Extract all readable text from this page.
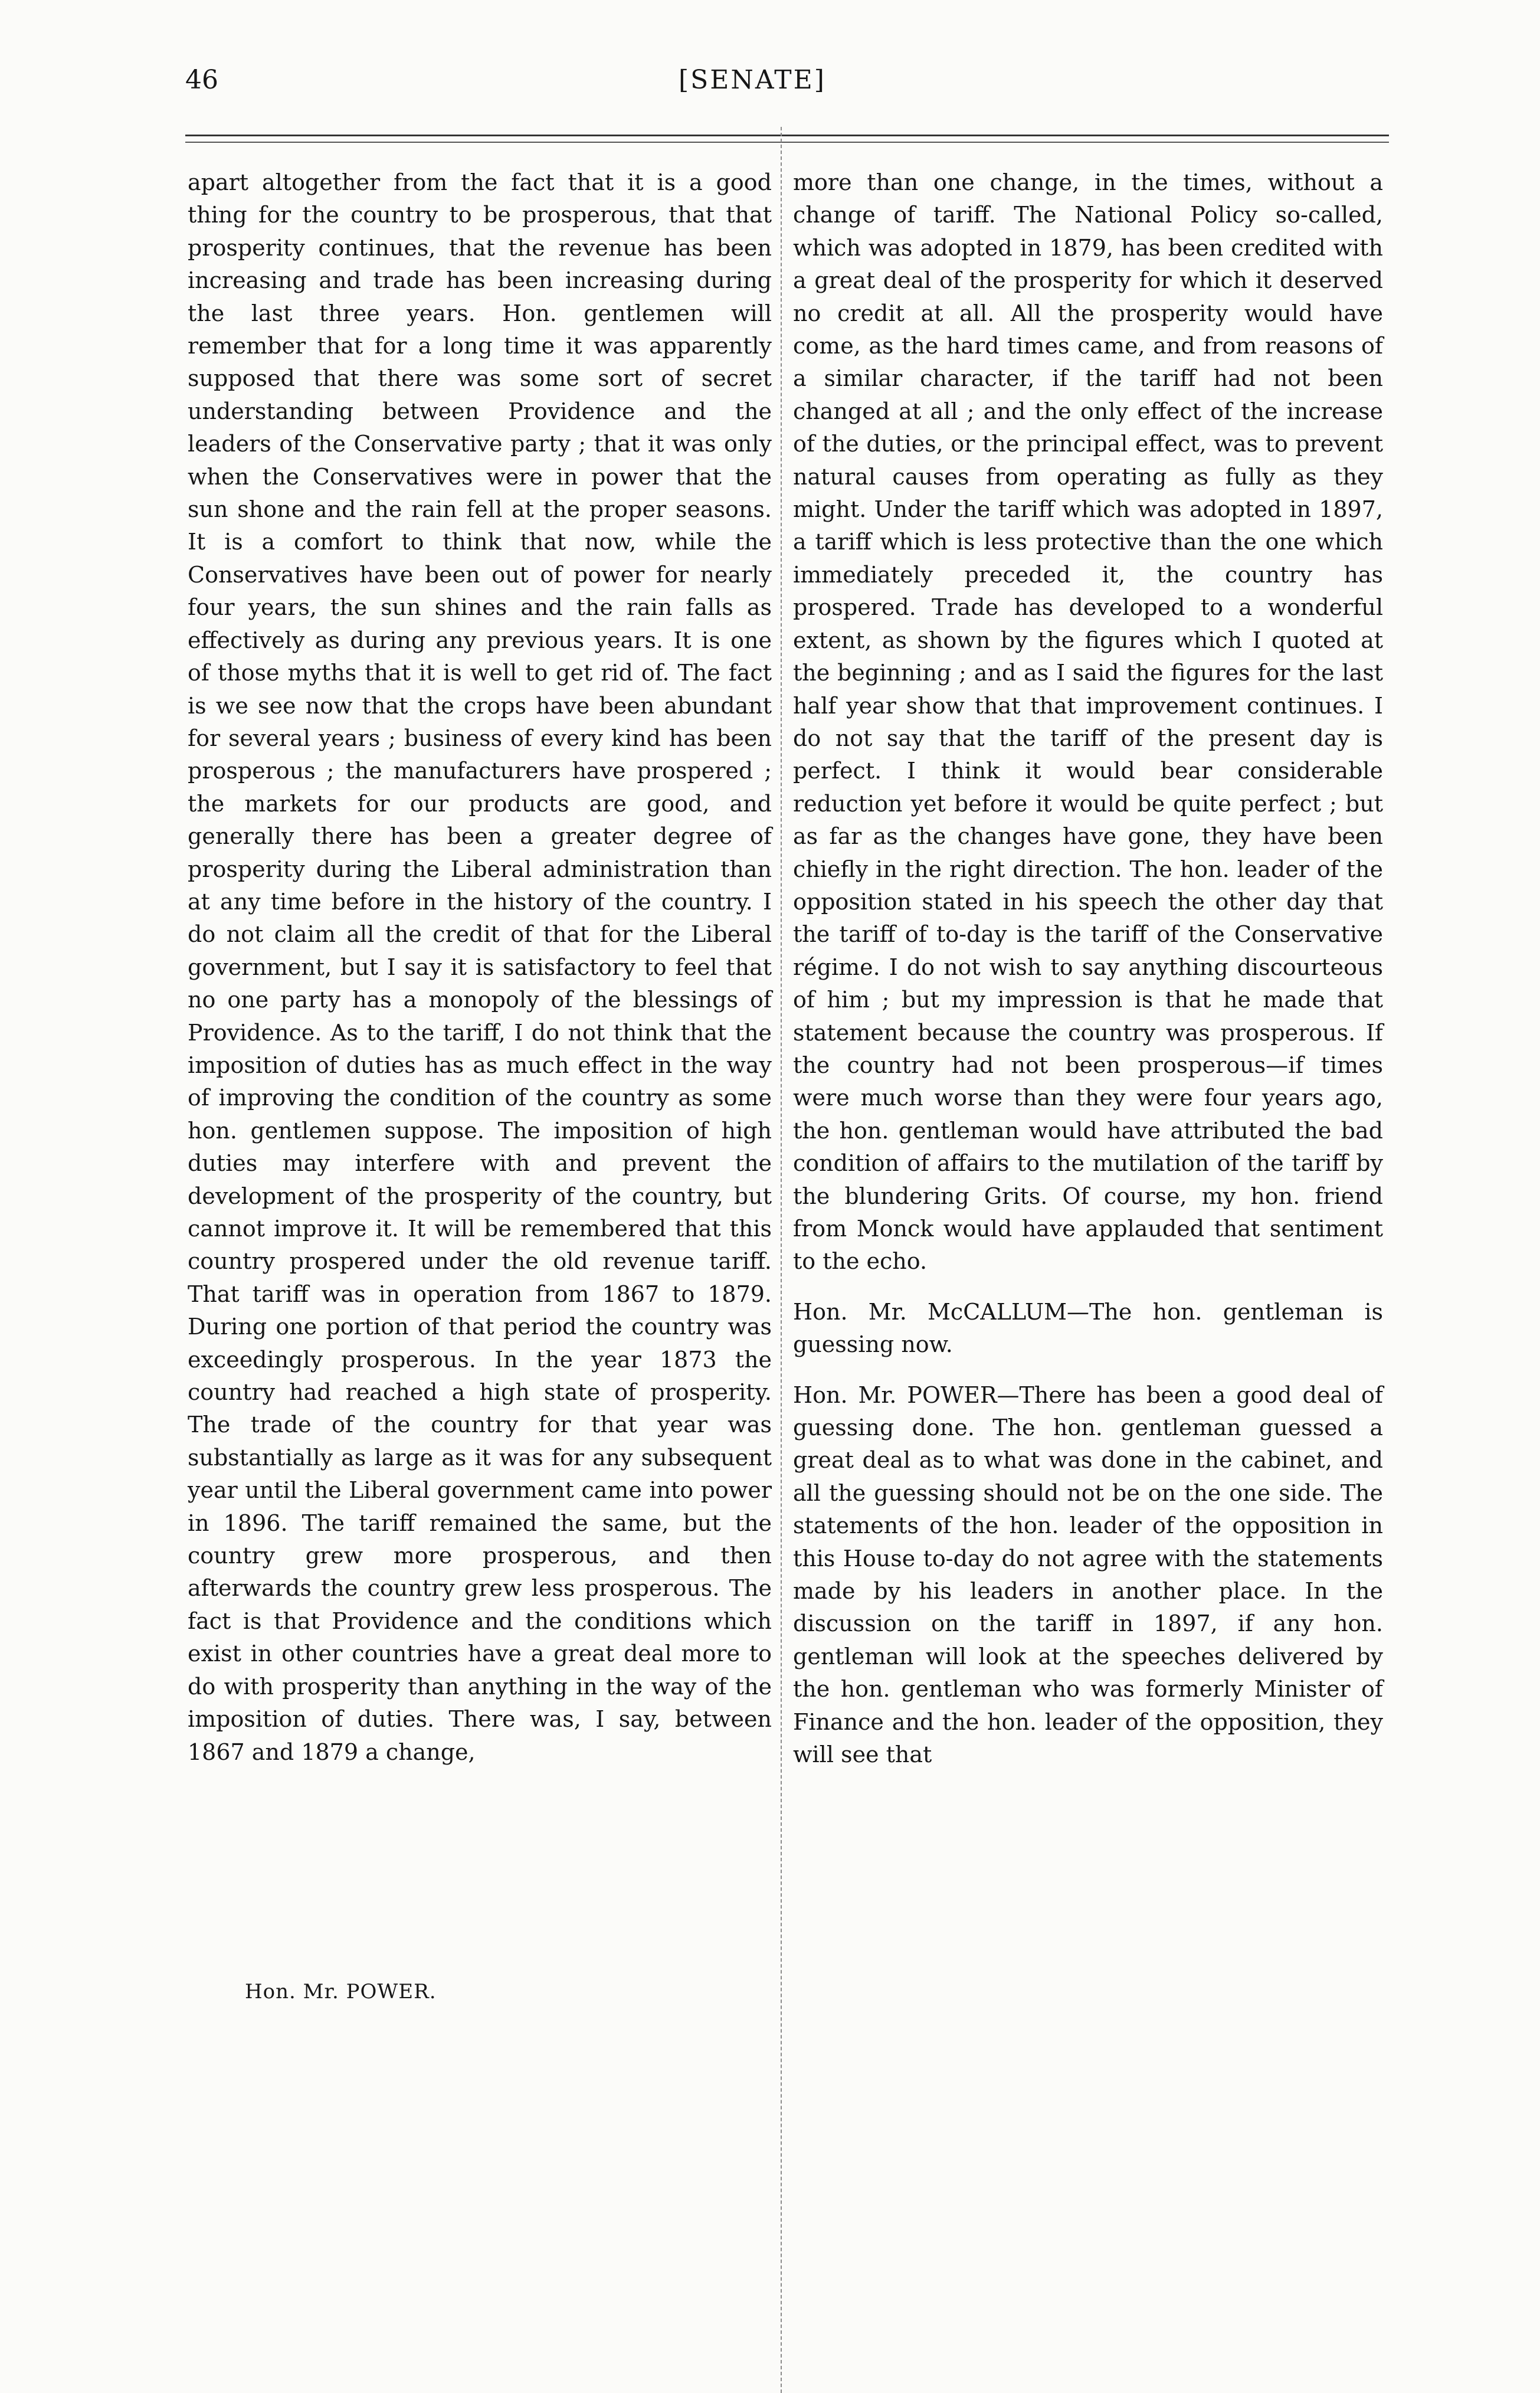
46	[SENATE]

apart altogether from the fact that it is a good thing for the country to be prosperous, that that prosperity continues, that the revenue has been increasing and trade has been increasing during the last three years. Hon. gentlemen will remember that for a long time it was apparently supposed that there was some sort of secret understanding between Providence and the leaders of the Conservative party ; that it was only when the Conservatives were in power that the sun shone and the rain fell at the proper seasons. It is a comfort to think that now, while the Conservatives have been out of power for nearly four years, the sun shines and the rain falls as effectively as during any previous years. It is one of those myths that it is well to get rid of. The fact is we see now that the crops have been abundant for several years ; business of every kind has been prosperous ; the manufacturers have prospered ; the markets for our products are good, and generally there has been a greater degree of prosperity during the Liberal administration than at any time before in the history of the country. I do not claim all the credit of that for the Liberal government, but I say it is satisfactory to feel that no one party has a monopoly of the blessings of Providence. As to the tariff, I do not think that the imposition of duties has as much effect in the way of improving the condition of the country as some hon. gentlemen suppose. The imposition of high duties may interfere with and prevent the development of the prosperity of the country, but cannot improve it. It will be remembered that this country prospered under the old revenue tariff. That tariff was in operation from 1867 to 1879. During one portion of that period the country was exceedingly prosperous. In the year 1873 the country had reached a high state of prosperity. The trade of the country for that year was substantially as large as it was for any subsequent year until the Liberal government came into power in 1896. The tariff remained the same, but the country grew more prosperous, and then afterwards the country grew less prosperous. The fact is that Providence and the conditions which exist in other countries have a great deal more to do with prosperity than anything in the way of the imposition of duties. There was, I say, between 1867 and 1879 a change,

more than one change, in the times, without a change of tariff. The National Policy so-called, which was adopted in 1879, has been credited with a great deal of the prosperity for which it deserved no credit at all. All the prosperity would have come, as the hard times came, and from reasons of a similar character, if the tariff had not been changed at all ; and the only effect of the increase of the duties, or the principal effect, was to prevent natural causes from operating as fully as they might. Under the tariff which was adopted in 1897, a tariff which is less protective than the one which immediately preceded it, the country has prospered. Trade has developed to a wonderful extent, as shown by the figures which I quoted at the beginning ; and as I said the figures for the last half year show that that improvement continues. I do not say that the tariff of the present day is perfect. I think it would bear considerable reduction yet before it would be quite perfect ; but as far as the changes have gone, they have been chiefly in the right direction. The hon. leader of the opposition stated in his speech the other day that the tariff of to-day is the tariff of the Conservative régime. I do not wish to say anything discourteous of him ; but my impression is that he made that statement because the country was prosperous. If the country had not been prosperous—if times were much worse than they were four years ago, the hon. gentleman would have attributed the bad condition of affairs to the mutilation of the tariff by the blundering Grits. Of course, my hon. friend from Monck would have applauded that sentiment to the echo.

Hon. Mr. McCALLUM—The hon. gentleman is guessing now.

Hon. Mr. POWER—There has been a good deal of guessing done. The hon. gentleman guessed a great deal as to what was done in the cabinet, and all the guessing should not be on the one side. The statements of the hon. leader of the opposition in this House to-day do not agree with the statements made by his leaders in another place. In the discussion on the tariff in 1897, if any hon. gentleman will look at the speeches delivered by the hon. gentleman who was formerly Minister of Finance and the hon. leader of the opposition, they will see that

Hon. Mr. POWER.
